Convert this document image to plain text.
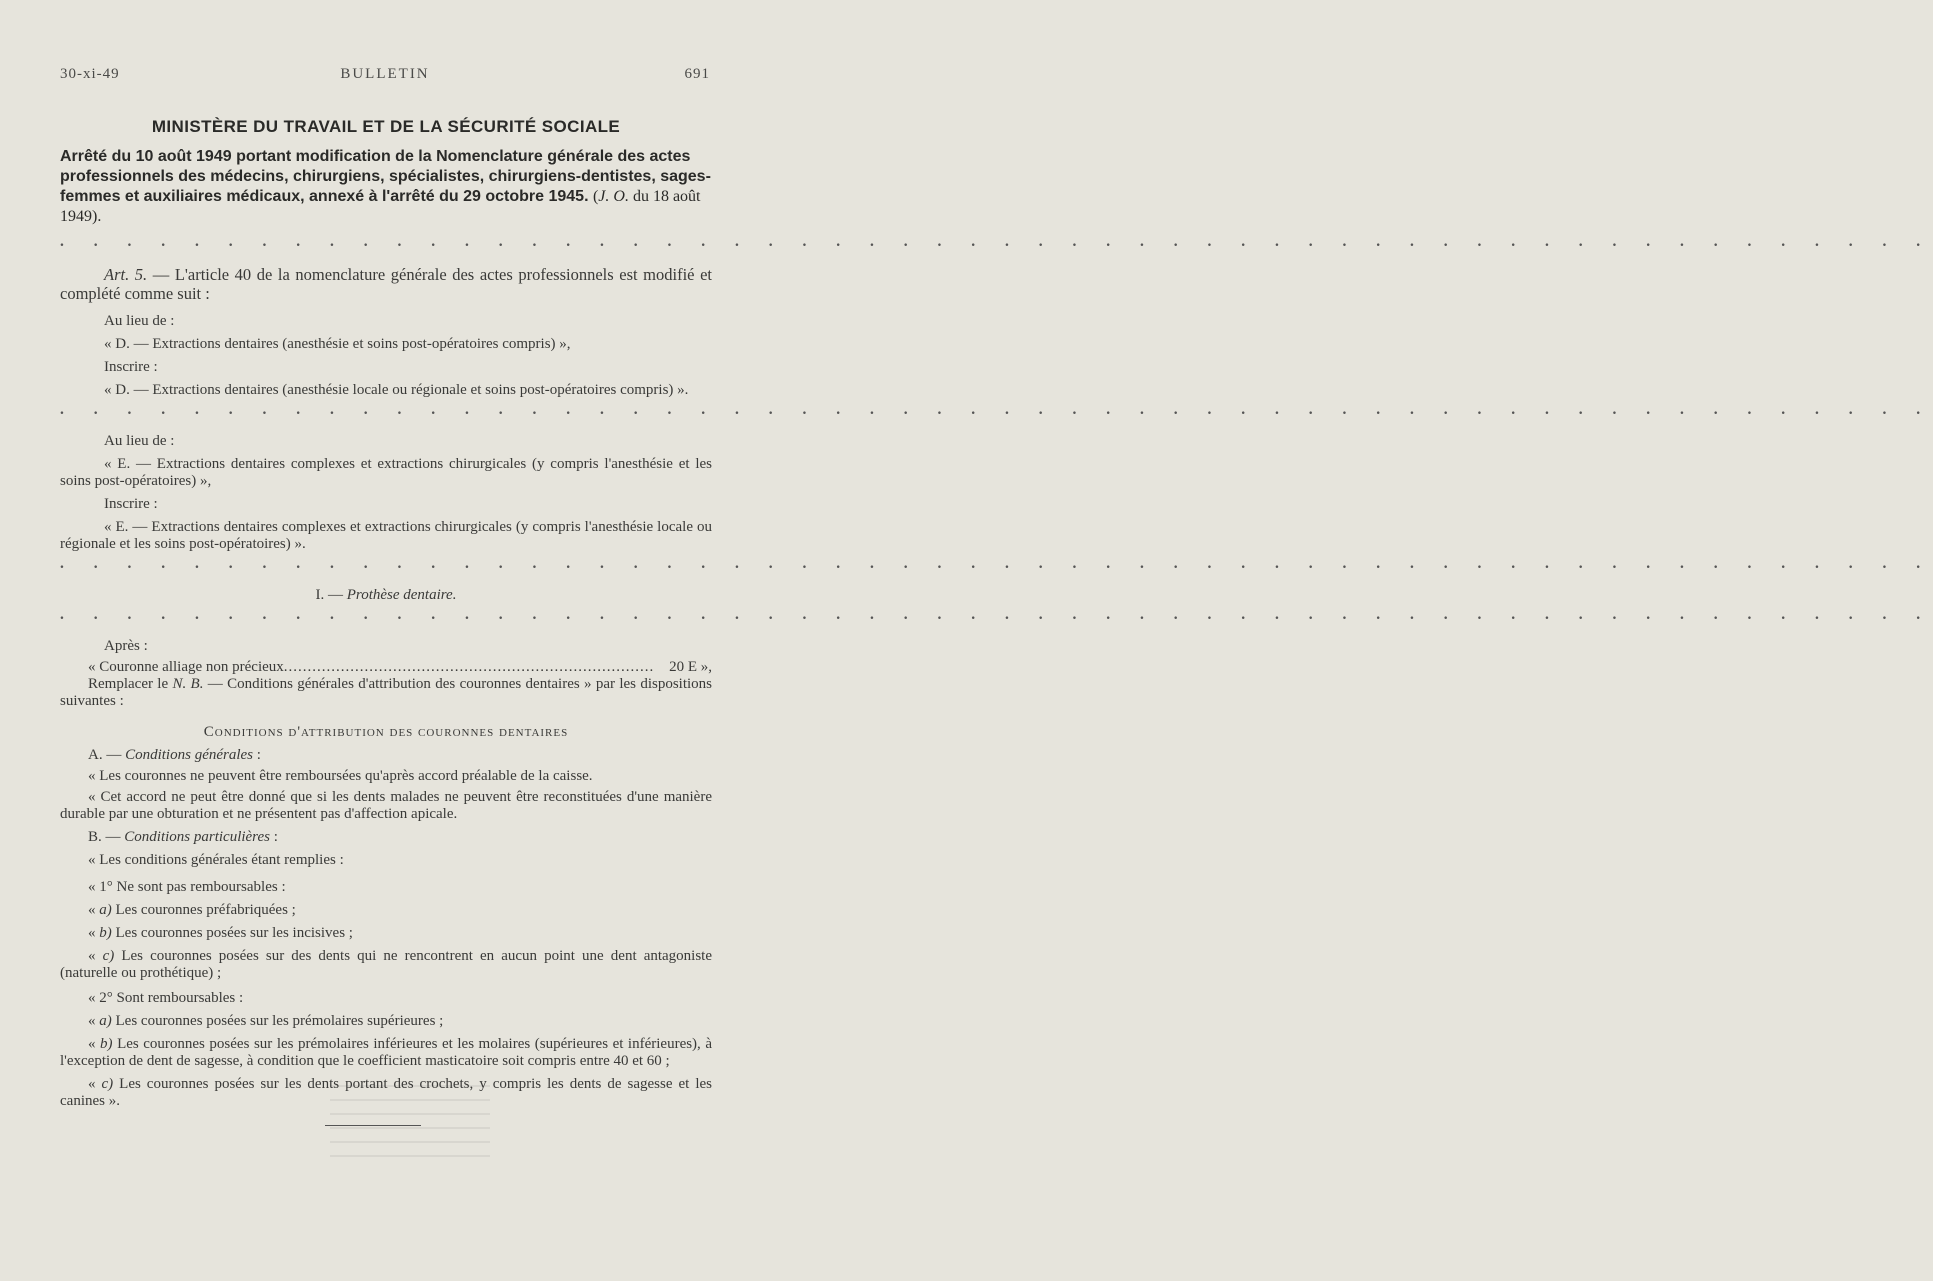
30-xi-49	BULLETIN	691
MINISTÈRE DU TRAVAIL ET DE LA SÉCURITÉ SOCIALE
Arrêté du 10 août 1949 portant modification de la Nomenclature générale des actes professionnels des médecins, chirurgiens, spécialistes, chirurgiens-dentistes, sages-femmes et auxiliaires médicaux, annexé à l'arrêté du 29 octobre 1945. (J. O. du 18 août 1949).
. . . . . . . . . . . . . . . . . . . . . . . . . . . . . . . . . . . . . . . . . . . . . . . . . . . . . . . .

Art. 5. — L'article 40 de la nomenclature générale des actes professionnels est modifié et complété comme suit :

Au lieu de :

« D. — Extractions dentaires (anesthésie et soins post-opératoires compris) »,

Inscrire :

« D. — Extractions dentaires (anesthésie locale ou régionale et soins post-opératoires compris) ».

. . . . . . . . . . . . . . . . . . . . . . . . . . . . . . . . . . . . . . . . . . . . . . . . . . . . . . . .

Au lieu de :

« E. — Extractions dentaires complexes et extractions chirurgicales (y compris l'anesthésie et les soins post-opératoires) »,

Inscrire :

« E. — Extractions dentaires complexes et extractions chirurgicales (y compris l'anesthésie locale ou régionale et les soins post-opératoires) ».

. . . . . . . . . . . . . . . . . . . . . . . . . . . . . . . . . . . . . . . . . . . . . . . . . . . . . . . .

I. — Prothèse dentaire.

. . . . . . . . . . . . . . . . . . . . . . . . . . . . . . . . . . . . . . . . . . . . . . . . . . . . . . . .

Après :

« Couronne alliage non précieux .............................................................................. 20 E »,

Remplacer le N. B. — Conditions générales d'attribution des couronnes dentaires » par les dispositions suivantes :

Conditions d'attribution des couronnes dentaires

A. — Conditions générales :

« Les couronnes ne peuvent être remboursées qu'après accord préalable de la caisse.

« Cet accord ne peut être donné que si les dents malades ne peuvent être reconstituées d'une manière durable par une obturation et ne présentent pas d'affection apicale.

B. — Conditions particulières :

« Les conditions générales étant remplies :

« 1° Ne sont pas remboursables :

« a) Les couronnes préfabriquées ;

« b) Les couronnes posées sur les incisives ;

« c) Les couronnes posées sur des dents qui ne rencontrent en aucun point une dent antagoniste (naturelle ou prothétique) ;

« 2° Sont remboursables :

« a) Les couronnes posées sur les prémolaires supérieures ;

« b) Les couronnes posées sur les prémolaires inférieures et les molaires (supérieures et inférieures), à l'exception de dent de sagesse, à condition que le coefficient masticatoire soit compris entre 40 et 60 ;

« c) Les couronnes posées sur les dents portant des crochets, y compris les dents de sagesse et les canines ».
